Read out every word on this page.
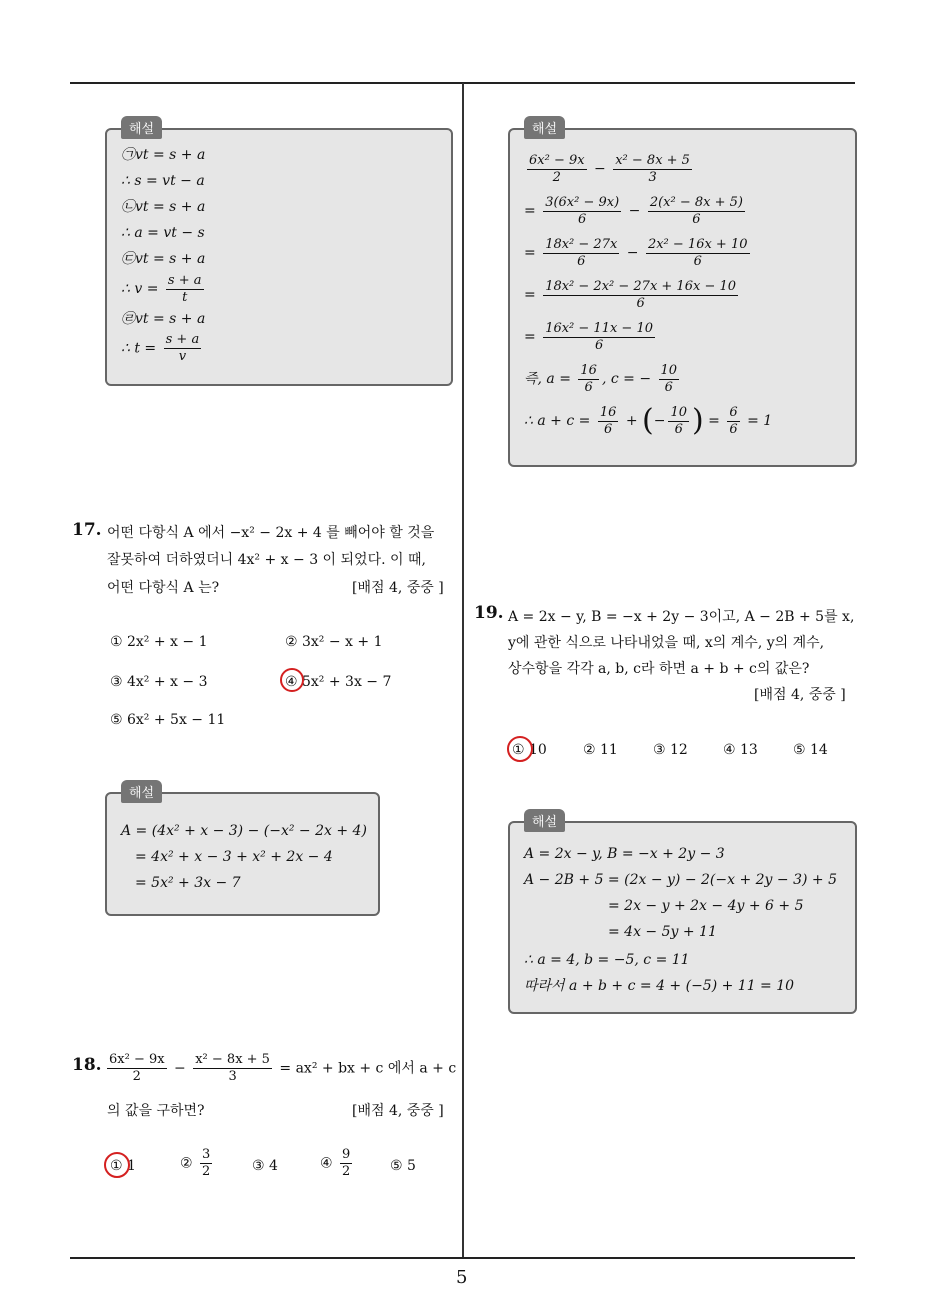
해설
㉠vt = s + a
∴ s = vt − a
㉡vt = s + a
∴ a = vt − s
㉢vt = s + a
∴ $v = \frac{s + a}{t}$
㉣vt = s + a
∴ $t = \frac{s + a}{v}$
해설
$\frac{\text{6x² − 9x}}{2} - \frac{\text{x² − 8x + 5}}{3}$
= $\frac{\text{3(6x² − 9x)}}{6} - \frac{\text{2(x² − 8x + 5)}}{6}$
= $\frac{\text{18x² − 27x}}{6} - \frac{\text{2x² − 16x + 10}}{6}$
= $\frac{\text{18x² − 2x² − 27x + 16x − 10}}{6}$
= $\frac{\text{16x² − 11x − 10}}{6}$
즉, $a = \frac{16}{6}$ , c = − $\frac{10}{6}$
∴ $a + c = \frac{16}{6}$ + (− $\frac{10}{6}$ ) = $\frac{6}{6} = 1$
17. 어떤 다항식 A 에서 −x² − 2x + 4 를 빼어야 할 것을
잘못하여 더하였더니 4x² + x − 3 이 되었다. 이 때,
어떤 다항식 A 는?	[배점 4, 중중 ]
① 2x² + x − 1	② 3x² − x + 1
③ 4x² + x − 3	④ 5x² + 3x − 7
⑤ 6x² + 5x − 11
해설
A = (4x² + x − 3) − (−x² − 2x + 4)
= 4x² + x − 3 + x² + 2x − 4
= 5x² + 3x − 7
18. $\frac{\text{6x² − 9x}}{2} - \frac{\text{x² − 8x + 5}}{3} = ax^2$ + bx + c 에서 a + c
의 값을 구하면?	[배점 4, 중중 ]
① 1	② $\frac{3}{2}$	③ 4	④ $\frac{9}{2}$	⑤ 5
19. A = 2x − y, B = −x + 2y − 3이고, A − 2B + 5를 x,
y에 관한 식으로 나타내었을 때, x의 계수, y의 계수,
상수항을 각각 a, b, c라 하면 a + b + c의 값은?
[배점 4, 중중 ]
① 10	② 11	③ 12	④ 13	⑤ 14
해설
A = 2x − y, B = −x + 2y − 3
A − 2B + 5 = (2x − y) − 2(−x + 2y − 3) + 5
= 2x − y + 2x − 4y + 6 + 5
= 4x − 5y + 11
∴ a = 4, b = −5, c = 11
따라서 a + b + c = 4 + (−5) + 11 = 10
5
